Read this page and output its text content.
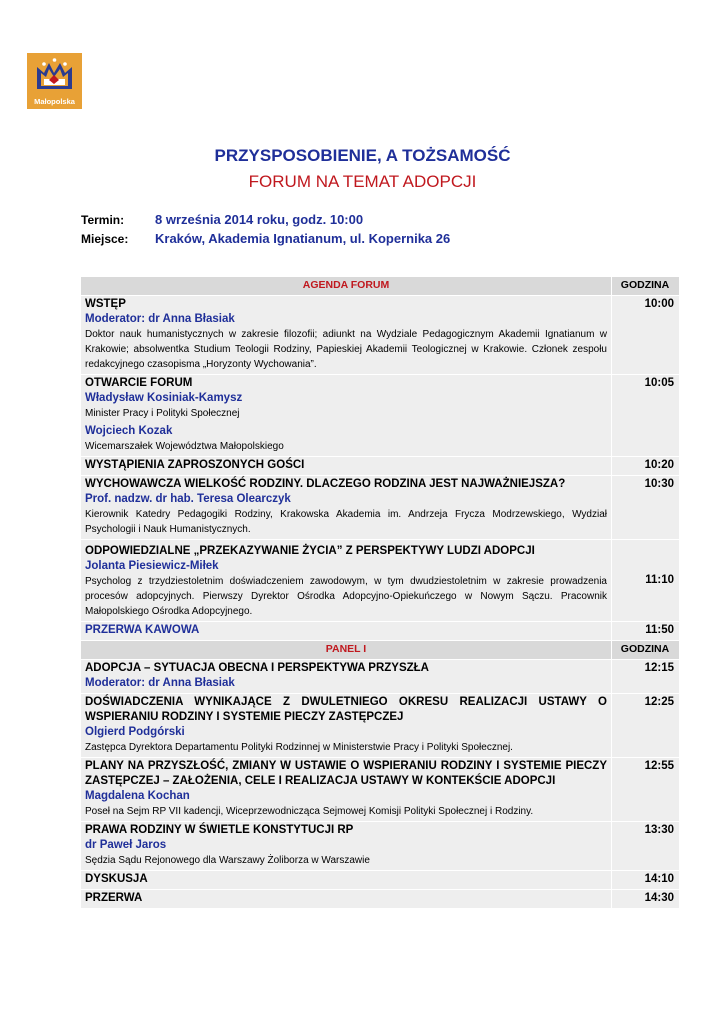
Małopolska
PRZYSPOSOBIENIE, A TOŻSAMOŚĆ
FORUM NA TEMAT ADOPCJI
Termin: 8 września 2014 roku, godz. 10:00
Miejsce: Kraków, Akademia Ignatianum, ul. Kopernika 26
AGENDA FORUM	GODZINA

WSTĘP
Moderator: dr Anna Błasiak
Doktor nauk humanistycznych w zakresie filozofii; adiunkt na Wydziale Pedagogicznym Akademii Ignatianum w Krakowie; absolwentka Studium Teologii Rodziny, Papieskiej Akademii Teologicznej w Krakowie. Członek zespołu redakcyjnego czasopisma „Horyzonty Wychowania”.	10:00

OTWARCIE FORUM
Władysław Kosiniak-Kamysz
Minister Pracy i Polityki Społecznej
Wojciech Kozak
Wicemarszałek Województwa Małopolskiego	10:05

WYSTĄPIENIA ZAPROSZONYCH GOŚCI	10:20

WYCHOWAWCZA WIELKOŚĆ RODZINY. DLACZEGO RODZINA JEST NAJWAŻNIEJSZA?
Prof. nadzw. dr hab. Teresa Olearczyk
Kierownik Katedry Pedagogiki Rodziny, Krakowska Akademia im. Andrzeja Frycza Modrzewskiego, Wydział Psychologii i Nauk Humanistycznych.	10:30

ODPOWIEDZIALNE „PRZEKAZYWANIE ŻYCIA” Z PERSPEKTYWY LUDZI ADOPCJI
Jolanta Piesiewicz-Miłek
Psycholog z trzydziestoletnim doświadczeniem zawodowym, w tym dwudziestoletnim w zakresie prowadzenia procesów adopcyjnych. Pierwszy Dyrektor Ośrodka Adopcyjno-Opiekuńczego w Nowym Sączu. Pracownik Małopolskiego Ośrodka Adopcyjnego.	11:10

PRZERWA KAWOWA	11:50
PANEL I	GODZINA

ADOPCJA – SYTUACJA OBECNA I PERSPEKTYWA PRZYSZŁA
Moderator: dr Anna Błasiak	12:15

DOŚWIADCZENIA WYNIKAJĄCE Z DWULETNIEGO OKRESU REALIZACJI USTAWY O WSPIERANIU RODZINY I SYSTEMIE PIECZY ZASTĘPCZEJ
Olgierd Podgórski
Zastępca Dyrektora Departamentu Polityki Rodzinnej w Ministerstwie Pracy i Polityki Społecznej.	12:25

PLANY NA PRZYSZŁOŚĆ, ZMIANY W USTAWIE O WSPIERANIU RODZINY I SYSTEMIE PIECZY ZASTĘPCZEJ – ZAŁOŻENIA, CELE I REALIZACJA USTAWY W KONTEKŚCIE ADOPCJI
Magdalena Kochan
Poseł na Sejm RP VII kadencji, Wiceprzewodnicząca Sejmowej Komisji Polityki Społecznej i Rodziny.	12:55

PRAWA RODZINY W ŚWIETLE KONSTYTUCJI RP
dr Paweł Jaros
Sędzia Sądu Rejonowego dla Warszawy Żoliborza w Warszawie	13:30

DYSKUSJA	14:10

PRZERWA	14:30
